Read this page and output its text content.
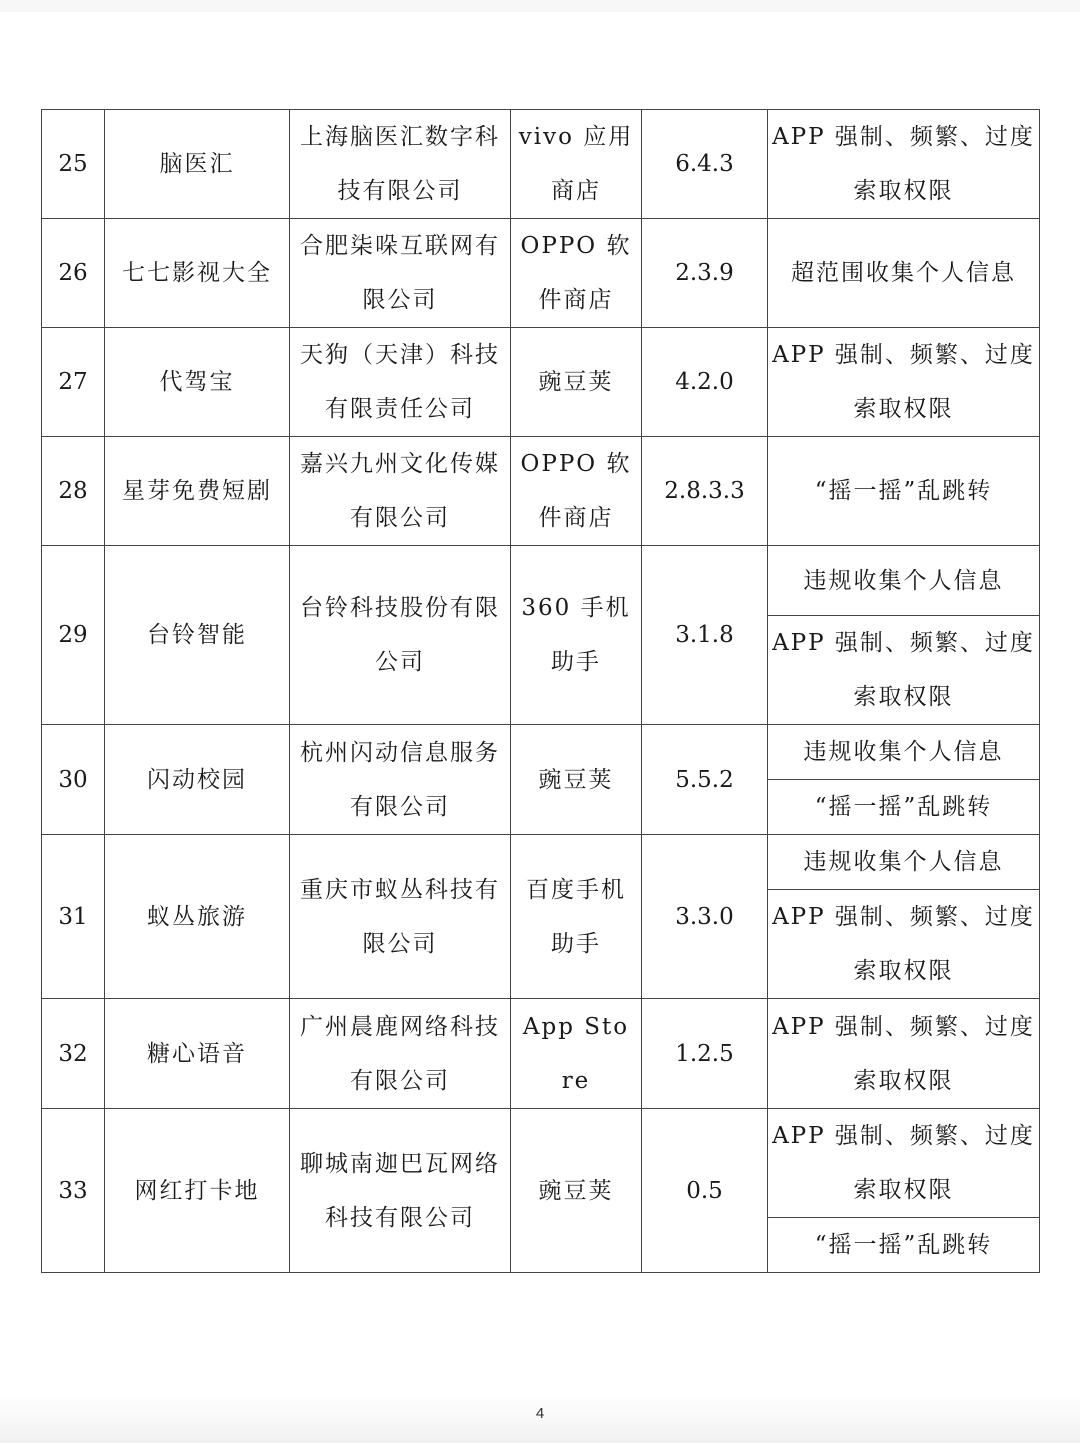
25	脑医汇	上海脑医汇数字科技有限公司	vivo 应用商店	6.4.3	APP 强制、频繁、过度索取权限
26	七七影视大全	合肥柒哚互联网有限公司	OPPO 软件商店	2.3.9	超范围收集个人信息
27	代驾宝	天狗（天津）科技有限责任公司	豌豆荚	4.2.0	APP 强制、频繁、过度索取权限
28	星芽免费短剧	嘉兴九州文化传媒有限公司	OPPO 软件商店	2.8.3.3	“摇一摇”乱跳转
29	台铃智能	台铃科技股份有限公司	360 手机助手	3.1.8	违规收集个人信息
					APP 强制、频繁、过度索取权限
30	闪动校园	杭州闪动信息服务有限公司	豌豆荚	5.5.2	违规收集个人信息
					“摇一摇”乱跳转
31	蚁丛旅游	重庆市蚁丛科技有限公司	百度手机助手	3.3.0	违规收集个人信息
					APP 强制、频繁、过度索取权限
32	糖心语音	广州晨鹿网络科技有限公司	App Store	1.2.5	APP 强制、频繁、过度索取权限
33	网红打卡地	聊城南迦巴瓦网络科技有限公司	豌豆荚	0.5	APP 强制、频繁、过度索取权限
					“摇一摇”乱跳转
4
